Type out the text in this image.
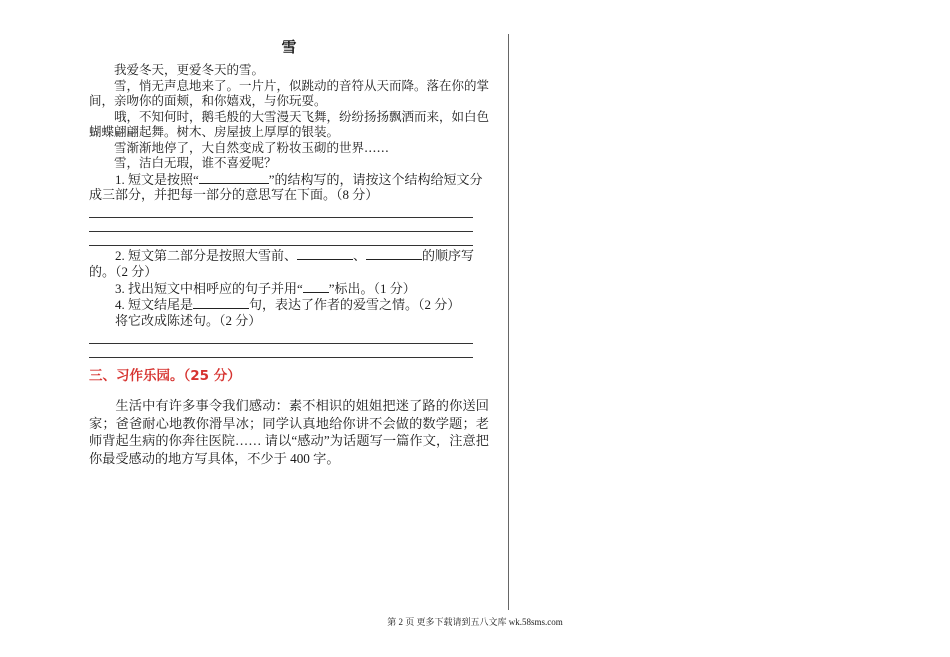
雪

我爱冬天，更爱冬天的雪。

雪，悄无声息地来了。一片片，似跳动的音符从天而降。落在你的掌间，亲吻你的面颊，和你嬉戏，与你玩耍。

哦，不知何时，鹅毛般的大雪漫天飞舞，纷纷扬扬飘洒而来，如白色蝴蝶翩翩起舞。树木、房屋披上厚厚的银装。

雪渐渐地停了，大自然变成了粉妆玉砌的世界……

雪，洁白无瑕，谁不喜爱呢？

1. 短文是按照“	”的结构写的，请按这个结构给短文分成三部分，并把每一部分的意思写在下面。（8 分）

2. 短文第二部分是按照大雪前、	、	的顺序写的。（2 分）

3. 找出短文中相呼应的句子并用“ ”标出。（1 分）

4. 短文结尾是	句，表达了作者的爱雪之情。（2 分）

将它改成陈述句。（2 分）

三、习作乐园。（25 分）

生活中有许多事令我们感动：素不相识的姐姐把迷了路的你送回家；爸爸耐心地教你滑旱冰；同学认真地给你讲不会做的数学题；老师背起生病的你奔往医院…… 请以“感动”为话题写一篇作文，注意把你最受感动的地方写具体，不少于 400 字。

第 2 页 更多下载请到五八文库 wk.58sms.com
